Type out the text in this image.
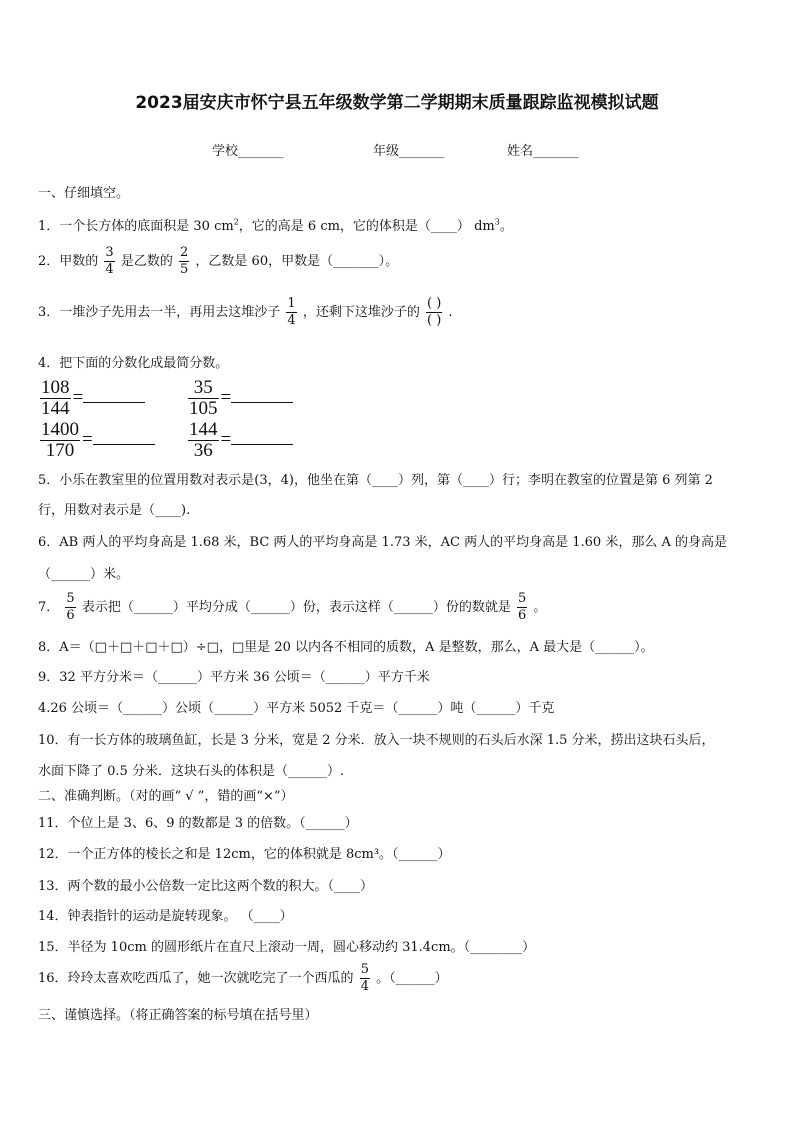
2023届安庆市怀宁县五年级数学第二学期期末质量跟踪监视模拟试题
学校_______	年级_______	姓名_______
一、仔细填空。
1．一个长方体的底面积是 30 $cm^2$，它的高是 6 cm，它的体积是（____） $dm^3$。
2．甲数的 $\frac{3}{4}$ 是乙数的 $\frac{2}{5}$ ，乙数是 60，甲数是（_______）。
3．一堆沙子先用去一半，再用去这堆沙子 $\frac{1}{4}$ ，还剩下这堆沙子的 $\frac{( )}{( )}$ .
4．把下面的分数化成最简分数。
$\frac{108}{144}$ =	$\frac{35}{105}$ =
$\frac{1400}{170}$ =	$\frac{144}{36}$ =
5．小乐在教室里的位置用数对表示是(3，4)，他坐在第（____）列，第（____）行；李明在教室的位置是第 6 列第 2
行，用数对表示是（____).
6．AB 两人的平均身高是 1.68 米，BC 两人的平均身高是 1.73 米，AC 两人的平均身高是 1.60 米，那么 A 的身高是
（______）米。
7． $\frac{5}{6}$ 表示把（______）平均分成（______）份，表示这样（______）份的数就是 $\frac{5}{6}$ 。
8．A＝（□＋□＋□＋□）÷□，□里是 20 以内各不相同的质数，A 是整数，那么，A 最大是（______）。
9．32 平方分米＝（______）平方米 36 公顷＝（______）平方千米
4.26 公顷＝（______）公顷（______）平方米 5052 千克＝（______）吨（______）千克
10．有一长方体的玻璃鱼缸，长是 3 分米，宽是 2 分米．放入一块不规则的石头后水深 1.5 分米，捞出这块石头后，
水面下降了 0.5 分米．这块石头的体积是（______）.
二、准确判断。（对的画“ √ ”，错的画“×”）
11．个位上是 3、6、9 的数都是 3 的倍数。（______）
12．一个正方体的棱长之和是 12cm，它的体积就是 8cm³。（______）
13．两个数的最小公倍数一定比这两个数的积大。（____）
14．钟表指针的运动是旋转现象。 （____）
15．半径为 10cm 的圆形纸片在直尺上滚动一周，圆心移动约 31.4cm。（________）
16．玲玲太喜欢吃西瓜了，她一次就吃完了一个西瓜的 $\frac{5}{4}$ 。（______）
三、谨慎选择。（将正确答案的标号填在括号里）
